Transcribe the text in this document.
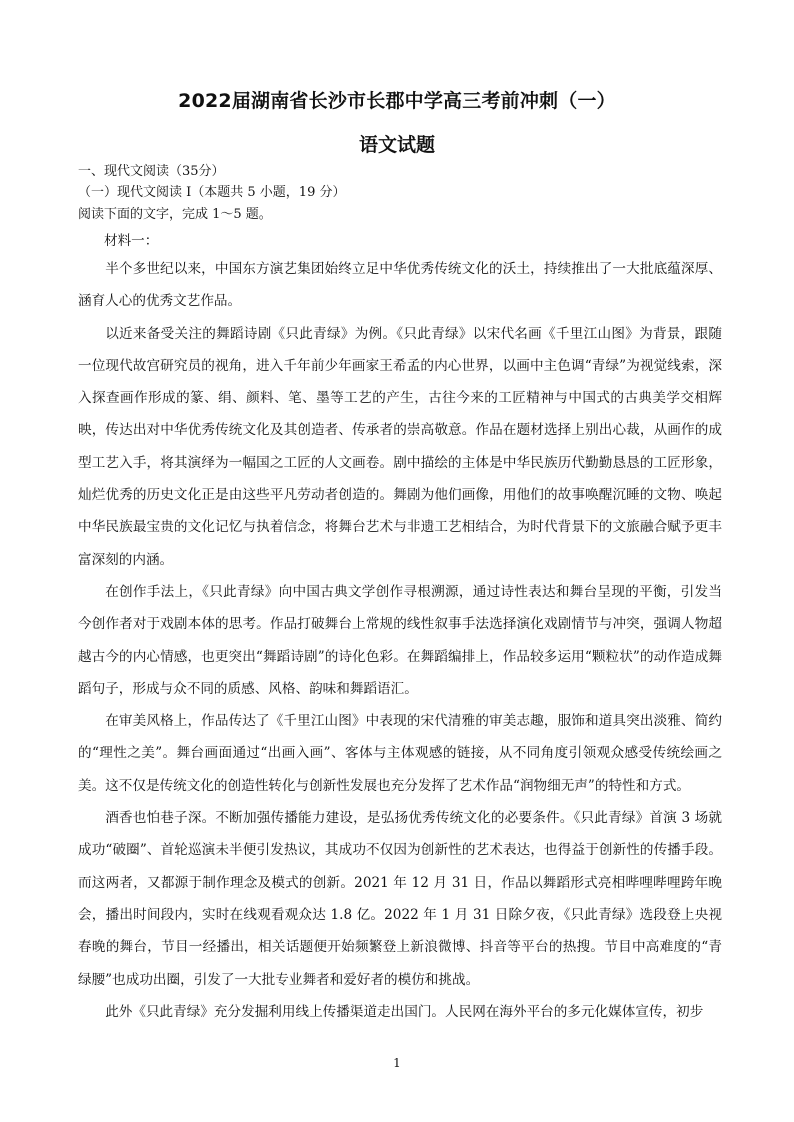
2022届湖南省长沙市长郡中学高三考前冲刺（一）
语文试题
一、现代文阅读（35分）
（一）现代文阅读 I（本题共 5 小题，19 分）
阅读下面的文字，完成 1～5 题。
材料一：

半个多世纪以来，中国东方演艺集团始终立足中华优秀传统文化的沃土，持续推出了一大批底蕴深厚、涵育人心的优秀文艺作品。

以近来备受关注的舞蹈诗剧《只此青绿》为例。《只此青绿》以宋代名画《千里江山图》为背景，跟随一位现代故宫研究员的视角，进入千年前少年画家王希孟的内心世界，以画中主色调“青绿”为视觉线索，深入探查画作形成的篆、绢、颜料、笔、墨等工艺的产生，古往今来的工匠精神与中国式的古典美学交相辉映，传达出对中华优秀传统文化及其创造者、传承者的崇高敬意。作品在题材选择上别出心裁，从画作的成型工艺入手，将其演绎为一幅国之工匠的人文画卷。剧中描绘的主体是中华民族历代勤勤恳恳的工匠形象，灿烂优秀的历史文化正是由这些平凡劳动者创造的。舞剧为他们画像，用他们的故事唤醒沉睡的文物、唤起中华民族最宝贵的文化记忆与执着信念，将舞台艺术与非遗工艺相结合，为时代背景下的文旅融合赋予更丰富深刻的内涵。

在创作手法上，《只此青绿》向中国古典文学创作寻根溯源，通过诗性表达和舞台呈现的平衡，引发当今创作者对于戏剧本体的思考。作品打破舞台上常规的线性叙事手法选择演化戏剧情节与冲突，强调人物超越古今的内心情感，也更突出“舞蹈诗剧”的诗化色彩。在舞蹈编排上，作品较多运用“颗粒状”的动作造成舞蹈句子，形成与众不同的质感、风格、韵味和舞蹈语汇。

在审美风格上，作品传达了《千里江山图》中表现的宋代清雅的审美志趣，服饰和道具突出淡雅、简约的“理性之美”。舞台画面通过“出画入画”、客体与主体观感的链接，从不同角度引领观众感受传统绘画之美。这不仅是传统文化的创造性转化与创新性发展也充分发挥了艺术作品“润物细无声”的特性和方式。

酒香也怕巷子深。不断加强传播能力建设，是弘扬优秀传统文化的必要条件。《只此青绿》首演 3 场就成功“破圈”、首轮巡演未半便引发热议，其成功不仅因为创新性的艺术表达，也得益于创新性的传播手段。而这两者，又都源于制作理念及模式的创新。2021 年 12 月 31 日，作品以舞蹈形式亮相哔哩哔哩跨年晚会，播出时间段内，实时在线观看观众达 1.8 亿。2022 年 1 月 31 日除夕夜，《只此青绿》选段登上央视春晚的舞台，节目一经播出，相关话题便开始频繁登上新浪微博、抖音等平台的热搜。节目中高难度的“青绿腰”也成功出圈，引发了一大批专业舞者和爱好者的模仿和挑战。

此外《只此青绿》充分发掘利用线上传播渠道走出国门。人民网在海外平台的多元化媒体宣传，初步

1
